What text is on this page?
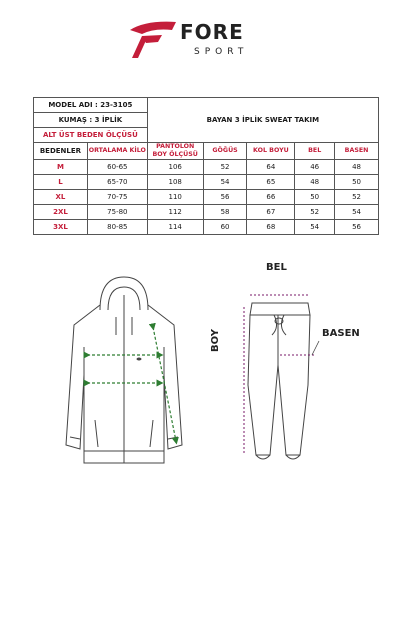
FORE
SPORT
MODEL ADI : 23-3105		BAYAN 3 İPLİK SWEAT TAKIM				
KUMAŞ : 3 İPLİK						
ALT ÜST BEDEN ÖLÇÜSÜ						
BEDENLER	ORTALAMA KİLO	PANTOLON BOY ÖLÇÜSÜ	GÖĞÜS	KOL BOYU	BEL	BASEN
M	60-65	106	52	64	46	48
L	65-70	108	54	65	48	50
XL	70-75	110	56	66	50	52
2XL	75-80	112	58	67	52	54
3XL	80-85	114	60	68	54	56
BEL
BASEN
BOY
